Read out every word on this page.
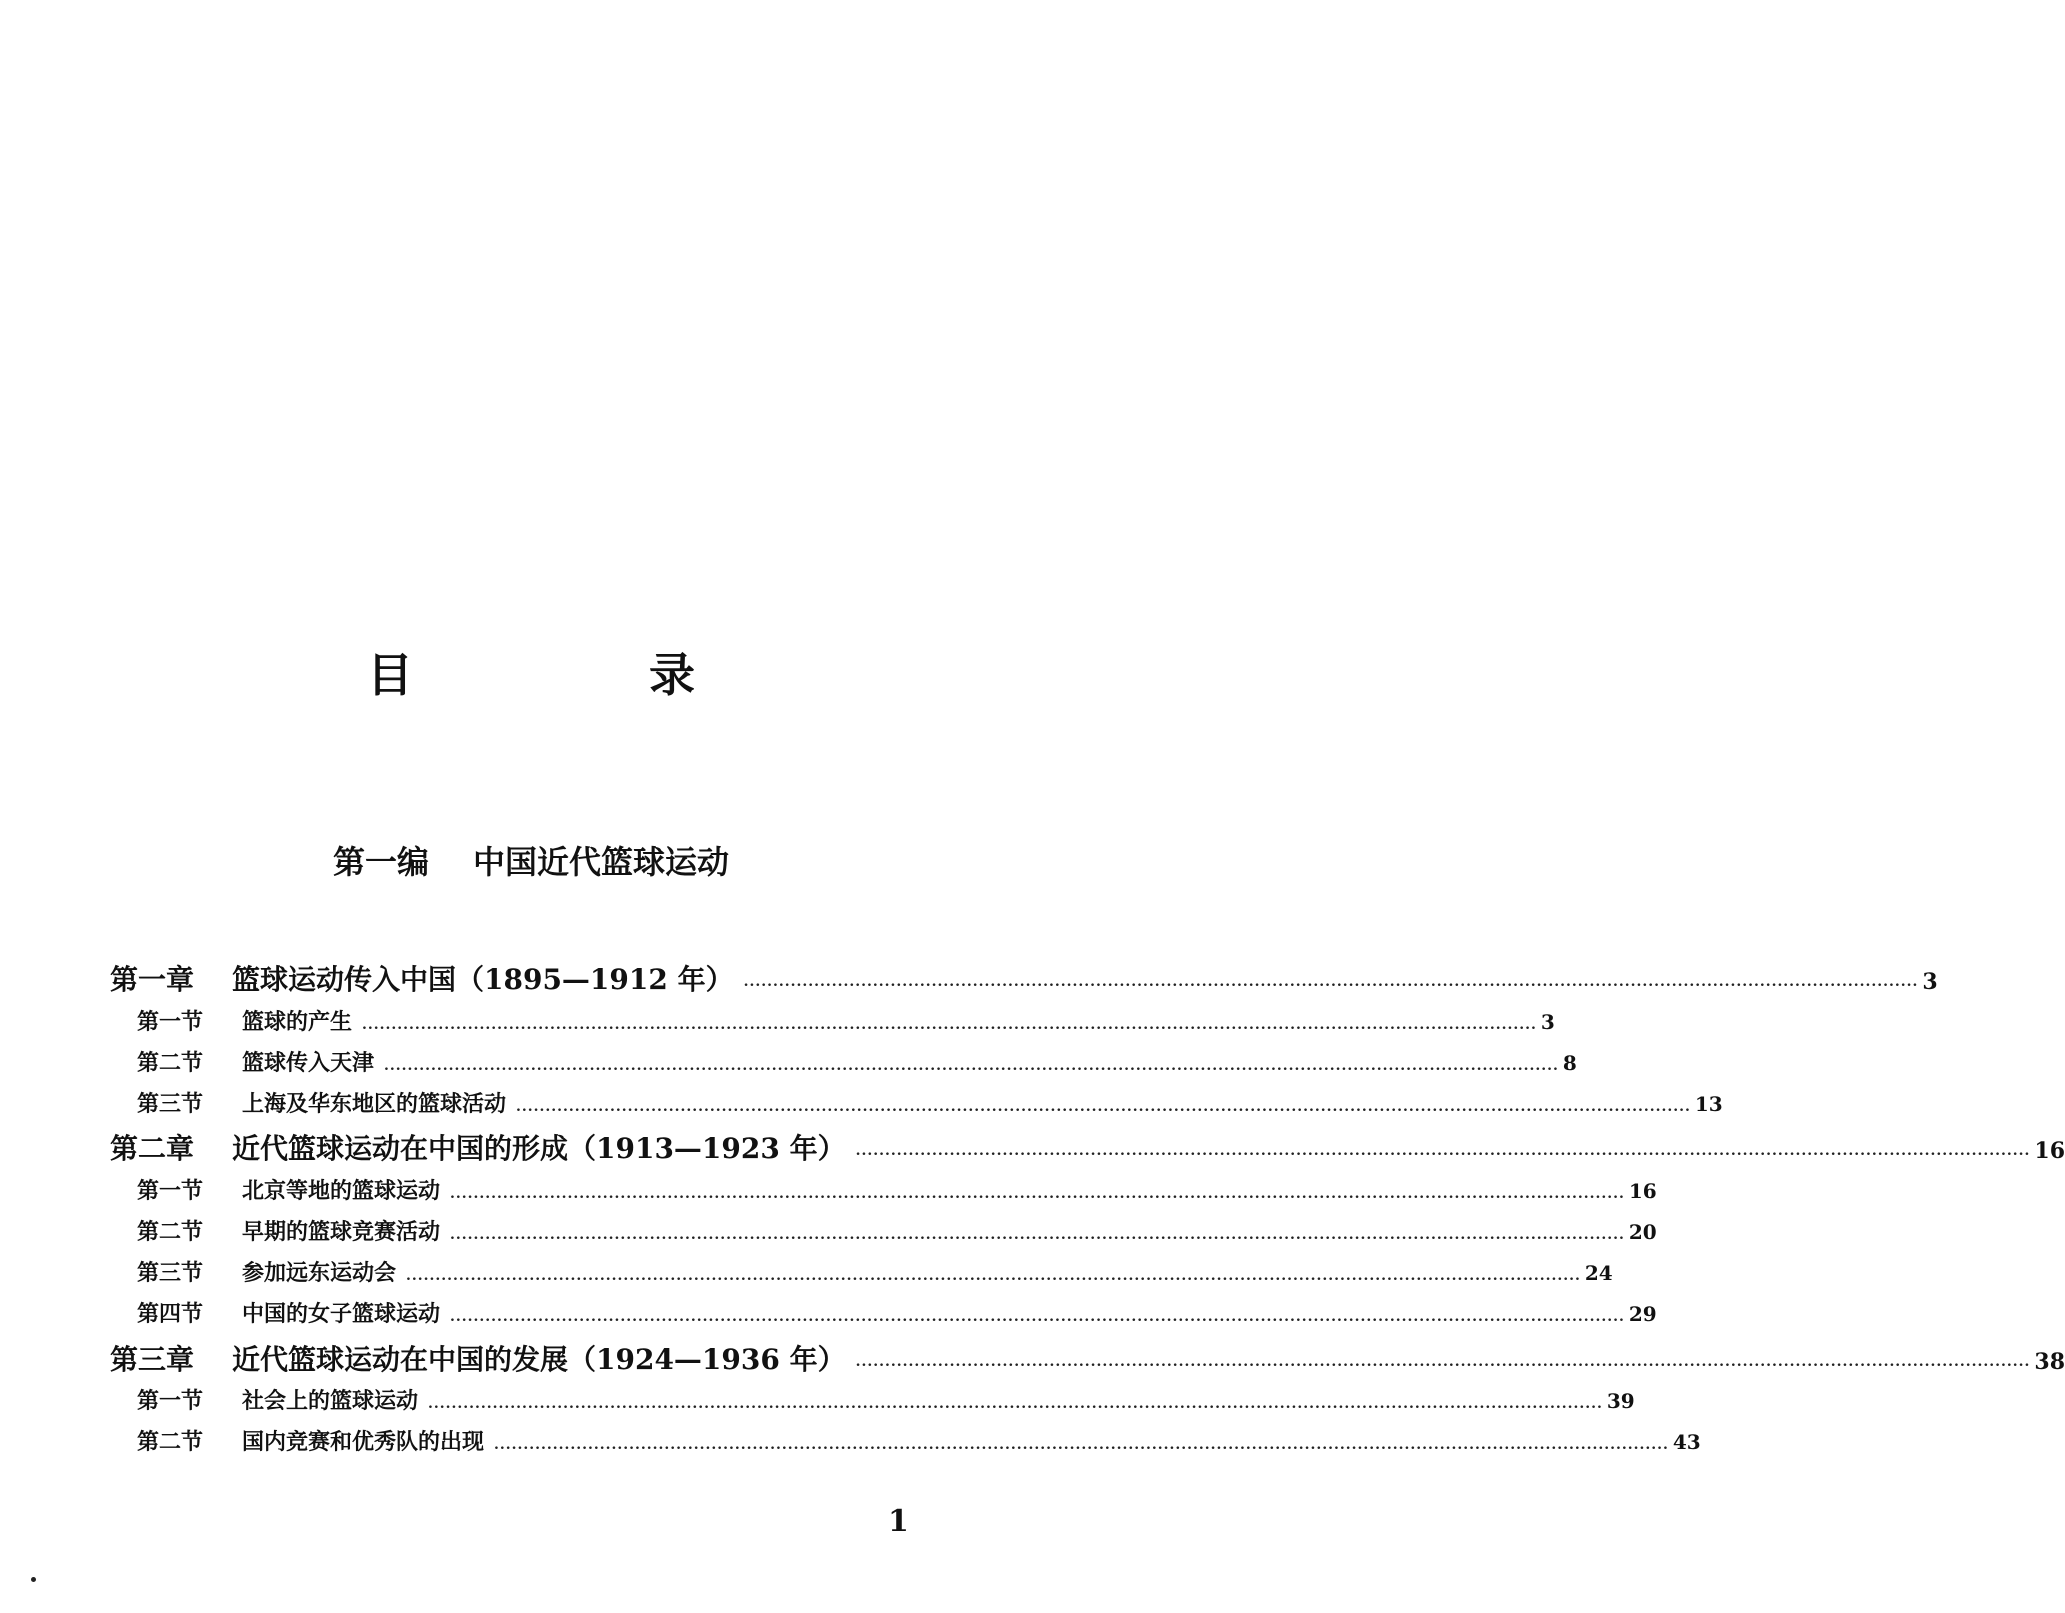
目 录
第一编 中国近代篮球运动
第一章	篮球运动传入中国（1895—1912 年） ........................................................................................................................................................................................................ 3
第一节	篮球的产生 ........................................................................................................................................................................................................ 3
第二节	篮球传入天津 ........................................................................................................................................................................................................ 8
第三节	上海及华东地区的篮球活动 ........................................................................................................................................................................................................ 13
第二章	近代篮球运动在中国的形成（1913—1923 年） ........................................................................................................................................................................................................ 16
第一节	北京等地的篮球运动 ........................................................................................................................................................................................................ 16
第二节	早期的篮球竞赛活动 ........................................................................................................................................................................................................ 20
第三节	参加远东运动会 ........................................................................................................................................................................................................ 24
第四节	中国的女子篮球运动 ........................................................................................................................................................................................................ 29
第三章	近代篮球运动在中国的发展（1924—1936 年） ........................................................................................................................................................................................................ 38
第一节	社会上的篮球运动 ........................................................................................................................................................................................................ 39
第二节	国内竞赛和优秀队的出现 ........................................................................................................................................................................................................ 43
1
